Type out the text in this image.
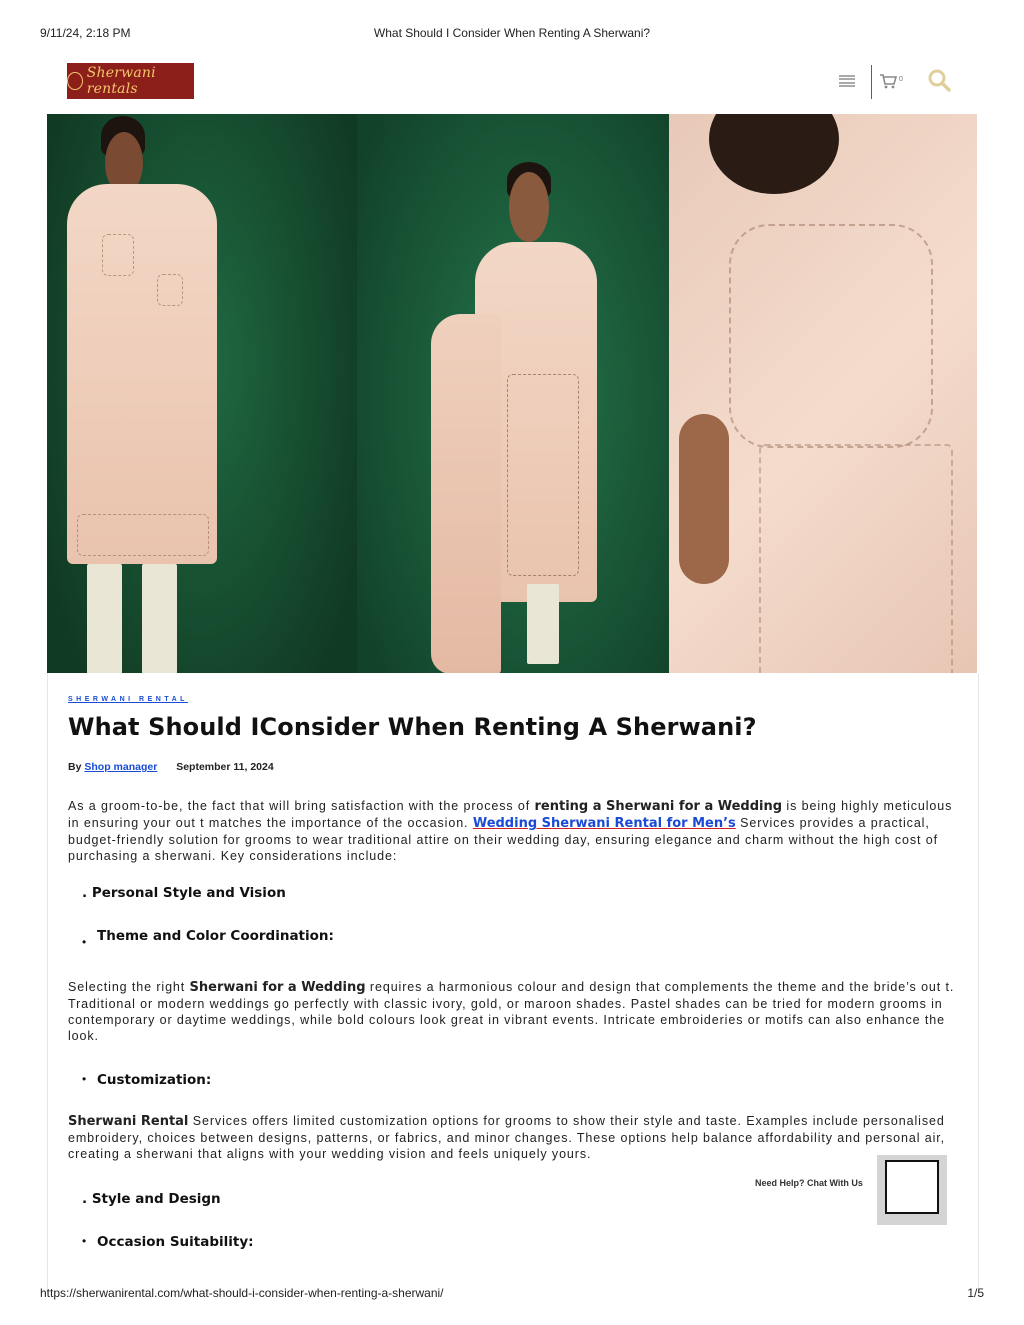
9/11/24, 2:18 PM	What Should I Consider When Renting A Sherwani?
Sherwani rentals
0
SHERWANI RENTAL
What Should IConsider When Renting A Sherwani?
By Shop manager September 11, 2024

As a groom-to-be, the fact that will bring satisfaction with the process of renting a Sherwani for a Wedding is being highly meticulous in ensuring your out t matches the importance of the occasion. Wedding Sherwani Rental for Men’s Services provides a practical, budget-friendly solution for grooms to wear traditional attire on their wedding day, ensuring elegance and charm without the high cost of purchasing a sherwani. Key considerations include:

. Personal Style and Vision
• Theme and Color Coordination:

Selecting the right Sherwani for a Wedding requires a harmonious colour and design that complements the theme and the bride’s out t. Traditional or modern weddings go perfectly with classic ivory, gold, or maroon shades. Pastel shades can be tried for modern grooms in contemporary or daytime weddings, while bold colours look great in vibrant events. Intricate embroideries or motifs can also enhance the look.

• Customization:

Sherwani Rental Services offers limited customization options for grooms to show their style and taste. Examples include personalised embroidery, choices between designs, patterns, or fabrics, and minor changes. These options help balance affordability and personal air, creating a sherwani that aligns with your wedding vision and feels uniquely yours.

Need Help? Chat With Us
. Style and Design
• Occasion Suitability:
https://sherwanirental.com/what-should-i-consider-when-renting-a-sherwani/	1/5
